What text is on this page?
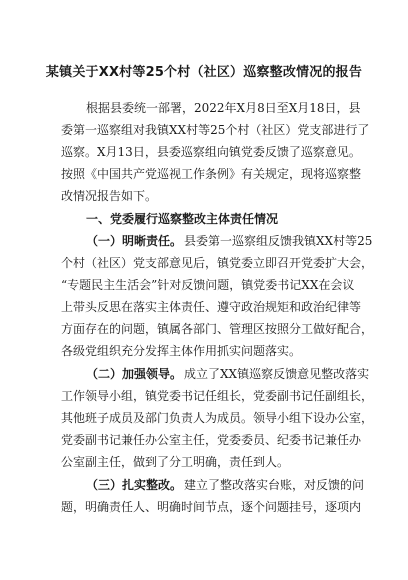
某镇关于XX村等25个村（社区）巡察整改情况的报告
根据县委统一部署，2022年X月8日至X月18日，县
委第一巡察组对我镇XX村等25个村（社区）党支部进行了
巡察。X月13日，县委巡察组向镇党委反馈了巡察意见。
按照《中国共产党巡视工作条例》有关规定，现将巡察整
改情况报告如下。
一、党委履行巡察整改主体责任情况
（一）明晰责任。 县委第一巡察组反馈我镇XX村等25
个村（社区）党支部意见后，镇党委立即召开党委扩大会，
“专题民主生活会”针对反馈问题，镇党委书记XX在会议
上带头反思在落实主体责任、遵守政治规矩和政治纪律等
方面存在的问题，镇属各部门、管理区按照分工做好配合，
各级党组织充分发挥主体作用抓实问题落实。
（二）加强领导。 成立了XX镇巡察反馈意见整改落实
工作领导小组，镇党委书记任组长，党委副书记任副组长，
其他班子成员及部门负责人为成员。领导小组下设办公室，
党委副书记兼任办公室主任，党委委员、纪委书记兼任办
公室副主任，做到了分工明确，责任到人。
（三）扎实整改。 建立了整改落实台账，对反馈的问
题，明确责任人、明确时间节点，逐个问题挂号，逐项内
